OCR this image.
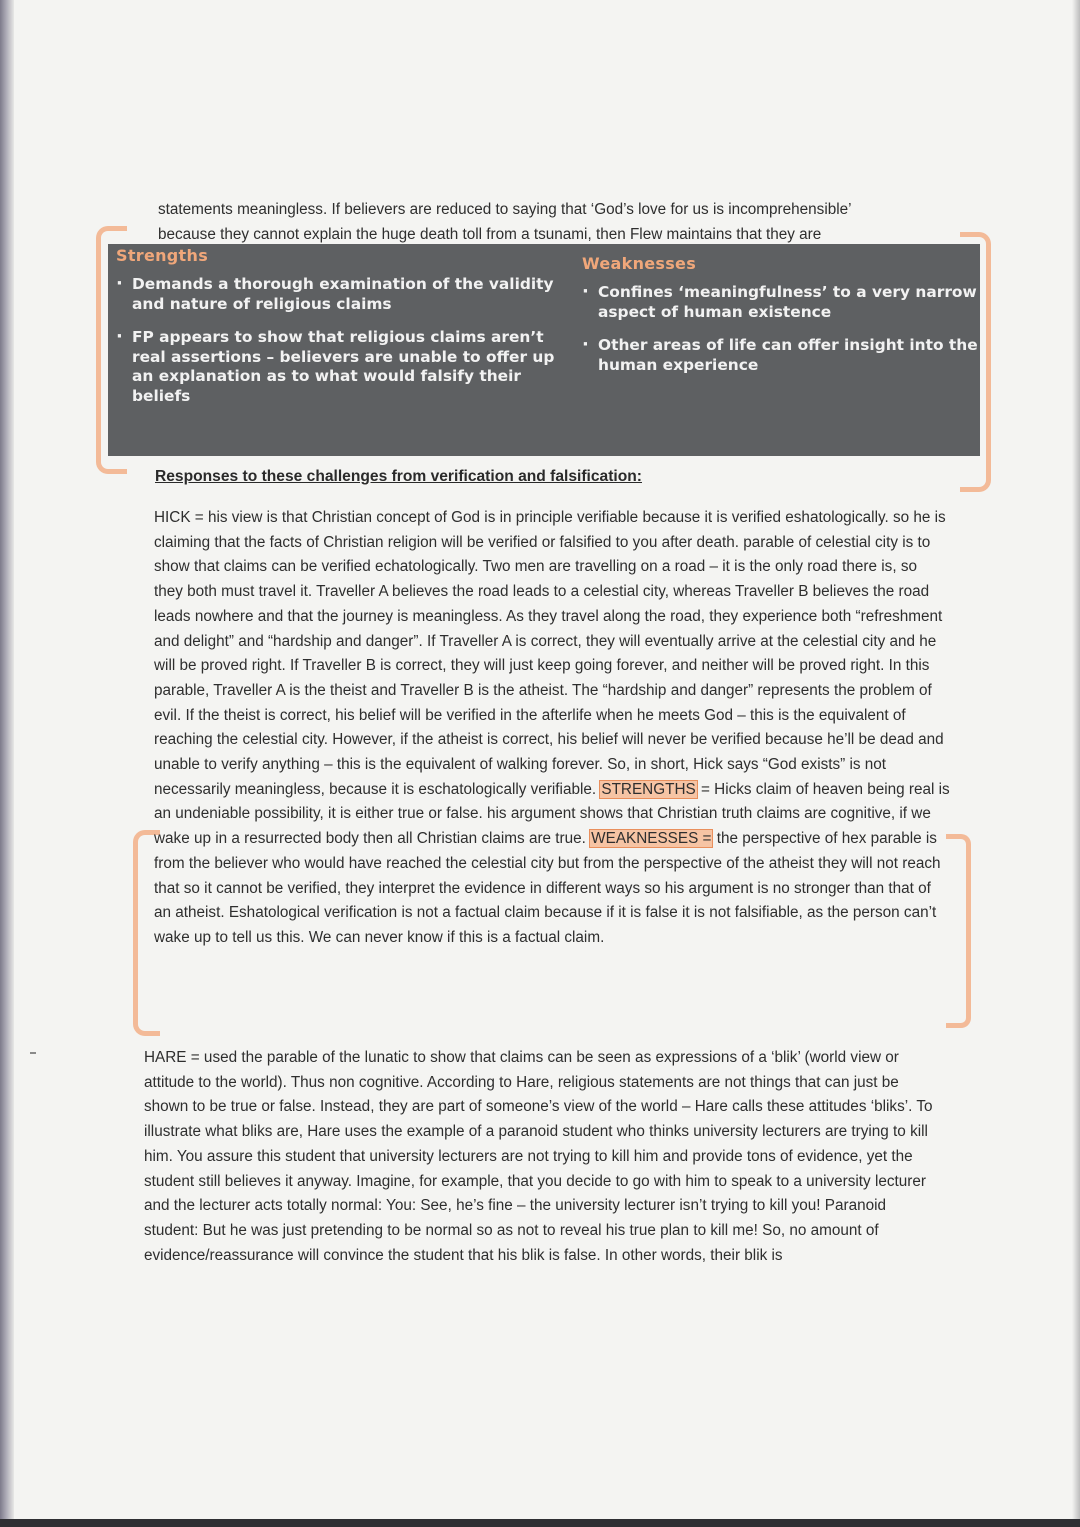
statements meaningless. If believers are reduced to saying that ‘God’s love for us is incomprehensible’

because they cannot explain the huge death toll from a tsunami, then Flew maintains that they are

Strengths
· Demands a thorough examination of the validity and nature of religious claims
· FP appears to show that religious claims aren’t real assertions – believers are unable to offer up an explanation as to what would falsify their beliefs
Weaknesses
· Confines ‘meaningfulness’ to a very narrow aspect of human existence
· Other areas of life can offer insight into the human experience
Responses to these challenges from verification and falsification:

HICK = his view is that Christian concept of God is in principle verifiable because it is verified eshatologically. so he is claiming that the facts of Christian religion will be verified or falsified to you after death. parable of celestial city is to show that claims can be verified echatologically. Two men are travelling on a road – it is the only road there is, so they both must travel it. Traveller A believes the road leads to a celestial city, whereas Traveller B believes the road leads nowhere and that the journey is meaningless. As they travel along the road, they experience both “refreshment and delight” and “hardship and danger”. If Traveller A is correct, they will eventually arrive at the celestial city and he will be proved right. If Traveller B is correct, they will just keep going forever, and neither will be proved right. In this parable, Traveller A is the theist and Traveller B is the atheist. The “hardship and danger” represents the problem of evil. If the theist is correct, his belief will be verified in the afterlife when he meets God – this is the equivalent of reaching the celestial city. However, if the atheist is correct, his belief will never be verified because he’ll be dead and unable to verify anything – this is the equivalent of walking forever. So, in short, Hick says “God exists” is not necessarily meaningless, because it is eschatologically verifiable. STRENGTHS = Hicks claim of heaven being real is an undeniable possibility, it is either true or false. his argument shows that Christian truth claims are cognitive, if we wake up in a resurrected body then all Christian claims are true. WEAKNESSES = the perspective of hex parable is from the believer who would have reached the celestial city but from the perspective of the atheist they will not reach that so it cannot be verified, they interpret the evidence in different ways so his argument is no stronger than that of an atheist. Eshatological verification is not a factual claim because if it is false it is not falsifiable, as the person can’t wake up to tell us this. We can never know if this is a factual claim.

HARE = used the parable of the lunatic to show that claims can be seen as expressions of a ‘blik’ (world view or attitude to the world). Thus non cognitive. According to Hare, religious statements are not things that can just be shown to be true or false. Instead, they are part of someone’s view of the world – Hare calls these attitudes ‘bliks’. To illustrate what bliks are, Hare uses the example of a paranoid student who thinks university lecturers are trying to kill him. You assure this student that university lecturers are not trying to kill him and provide tons of evidence, yet the student still believes it anyway. Imagine, for example, that you decide to go with him to speak to a university lecturer and the lecturer acts totally normal: You: See, he’s fine – the university lecturer isn’t trying to kill you! Paranoid student: But he was just pretending to be normal so as not to reveal his true plan to kill me! So, no amount of evidence/reassurance will convince the student that his blik is false. In other words, their blik is
